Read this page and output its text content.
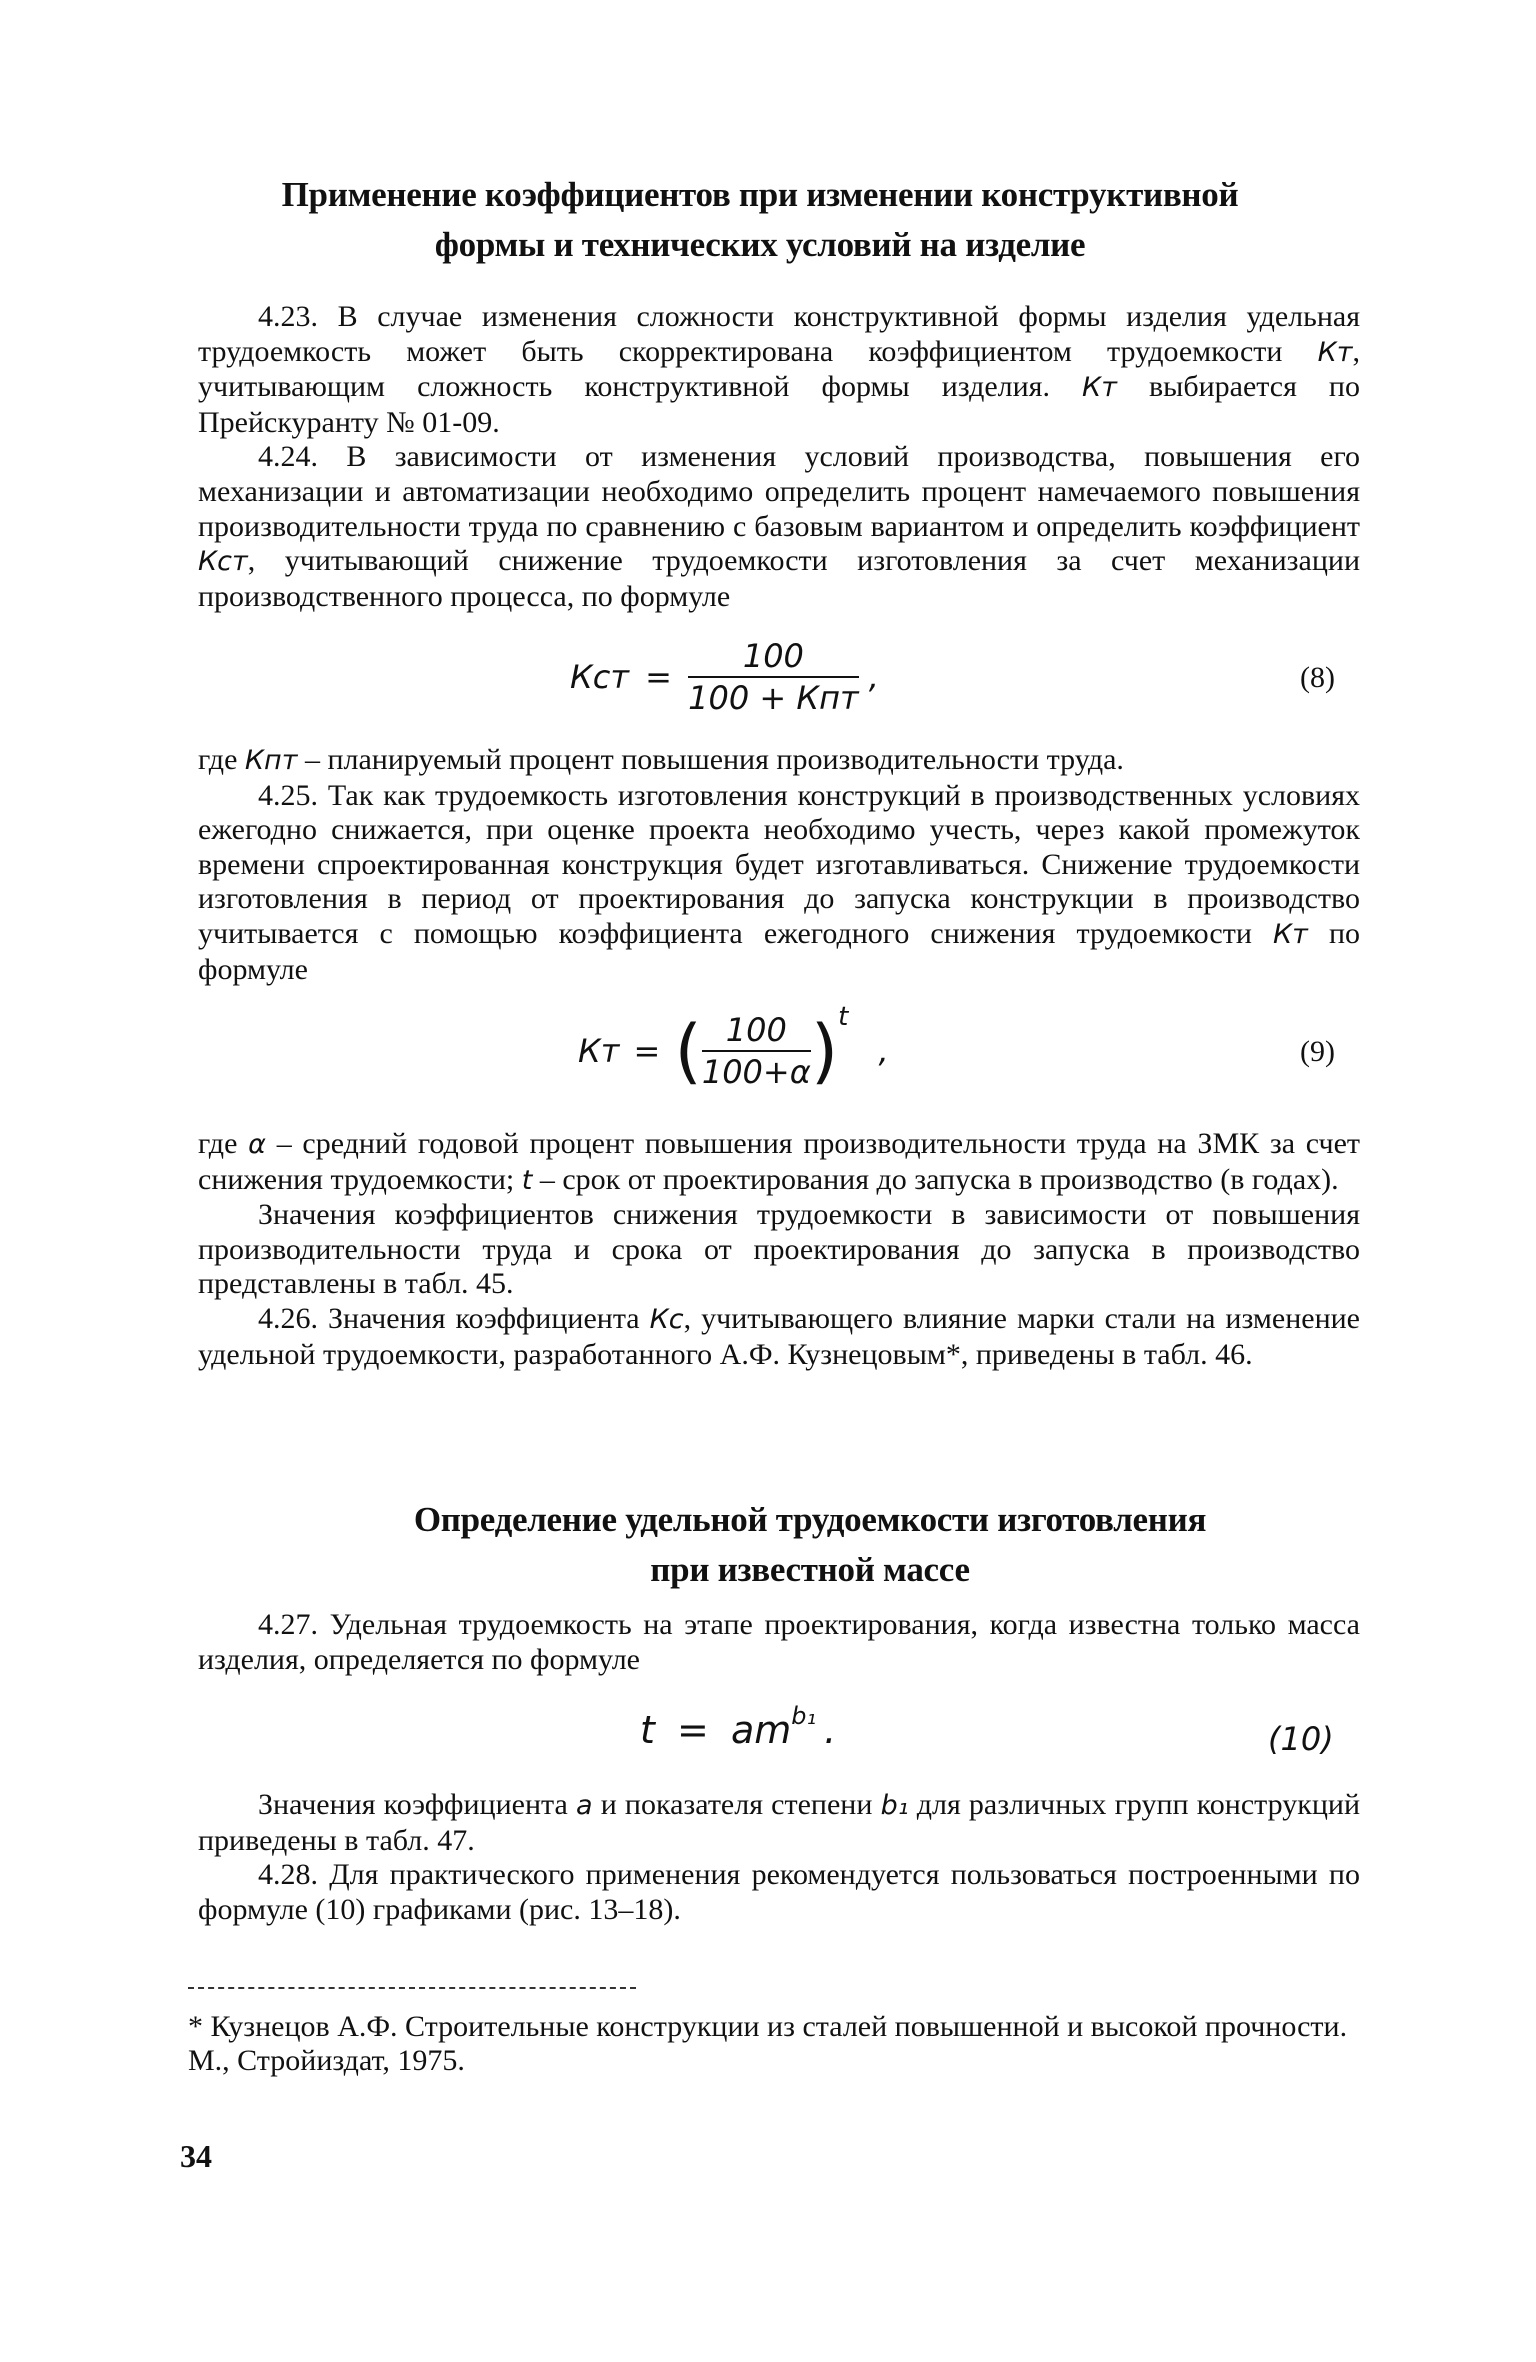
Применение коэффициентов при изменении конструктивной
формы и технических условий на изделие

4.23. В случае изменения сложности конструктивной формы изделия удельная трудоемкость может быть скорректирована коэффициентом трудоемкости Кт, учитывающим сложность конструктивной формы изделия. Кт выбирается по Прейскуранту № 01-09.

4.24. В зависимости от изменения условий производства, повышения его механизации и автоматизации необходимо определить процент намечаемого повышения производительности труда по сравнению с базовым вариантом и определить коэффициент Кст, учитывающий снижение трудоемкости изготовления за счет механизации производственного процесса, по формуле

Кст = $\frac{100}{\text{100 + Кпт}}$ ,	(8)

где Кпт – планируемый процент повышения производительности труда.

4.25. Так как трудоемкость изготовления конструкций в производственных условиях ежегодно снижается, при оценке проекта необходимо учесть, через какой промежуток времени спроектированная конструкция будет изготавливаться. Снижение трудоемкости изготовления в период от проектирования до запуска конструкции в производство учитывается с помощью коэффициента ежегодного снижения трудоемкости Кт по формуле

Кт = ( $\frac{100}{100+\alpha} )^t$ ,	(9)

где α – средний годовой процент повышения производительности труда на ЗМК за счет снижения трудоемкости; t – срок от проектирования до запуска в производство (в годах).

Значения коэффициентов снижения трудоемкости в зависимости от повышения производительности труда и срока от проектирования до запуска в производство представлены в табл. 45.

4.26. Значения коэффициента Кс, учитывающего влияние марки стали на изменение удельной трудоемкости, разработанного А.Ф. Кузнецовым*, приведены в табл. 46.

Определение удельной трудоемкости изготовления
при известной массе

4.27. Удельная трудоемкость на этапе проектирования, когда известна только масса изделия, определяется по формуле

$t = am^{b_1}$ .	(10)

Значения коэффициента a и показателя степени b₁ для различных групп конструкций приведены в табл. 47.

4.28. Для практического применения рекомендуется пользоваться построенными по формуле (10) графиками (рис. 13–18).

* Кузнецов А.Ф. Строительные конструкции из сталей повышенной и высокой прочности. М., Стройиздат, 1975.
34
